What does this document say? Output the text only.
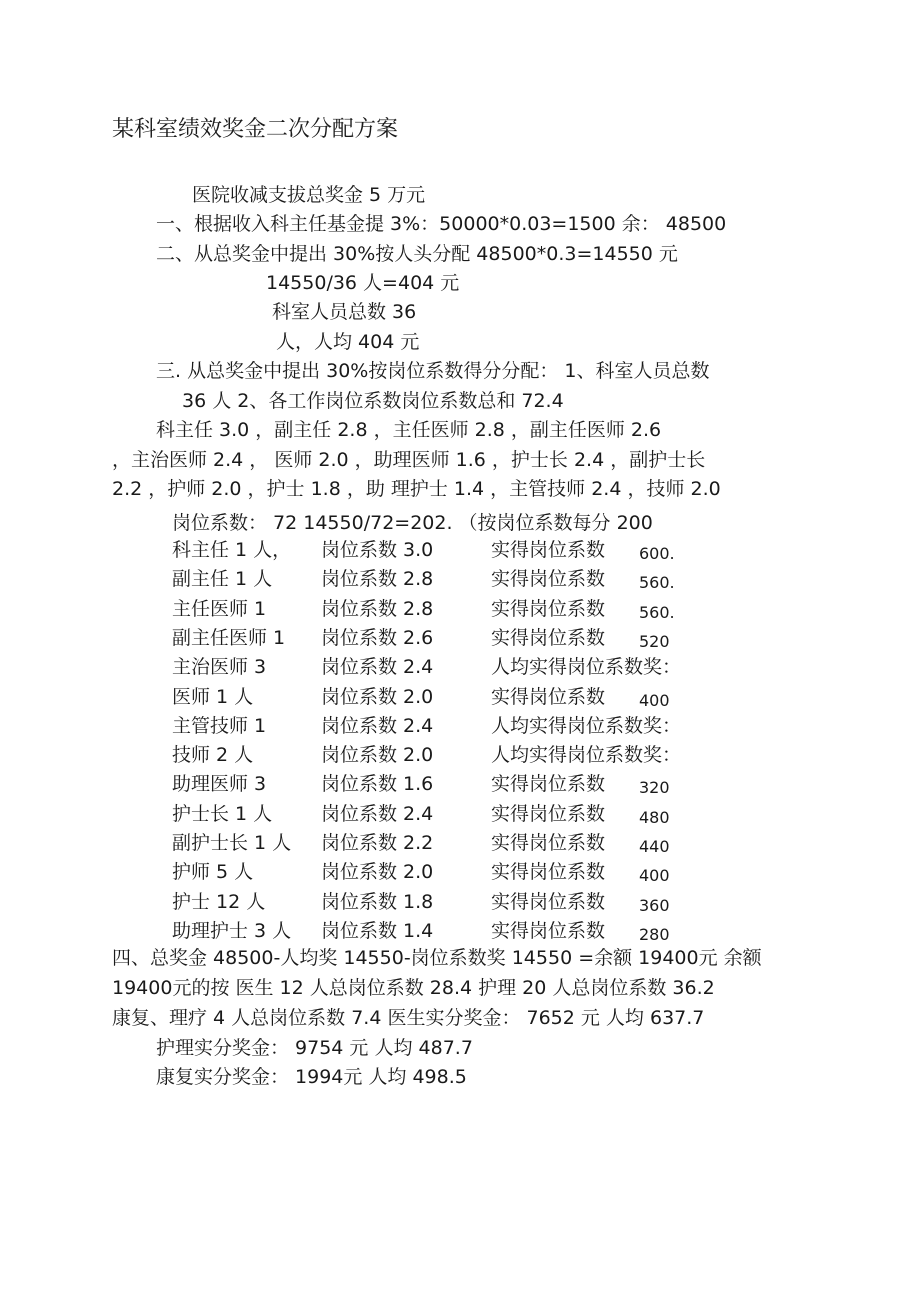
某科室绩效奖金二次分配方案
医院收减支拔总奖金 5 万元
一、根据收入科主任基金提 3%：50000*0.03=1500 余： 48500
二、从总奖金中提出 30%按人头分配 48500*0.3=14550 元
14550/36 人=404 元
科室人员总数 36
人，人均 404 元
三. 从总奖金中提出 30%按岗位系数得分分配： 1、科室人员总数
36 人 2、各工作岗位系数岗位系数总和 72.4
科主任 3.0 ，副主任 2.8 ，主任医师 2.8 ，副主任医师 2.6
，主治医师 2.4 ， 医师 2.0 ，助理医师 1.6 ，护士长 2.4 ，副护士长
2.2 ，护师 2.0 ，护士 1.8 ，助 理护士 1.4 ，主管技师 2.4 ，技师 2.0
岗位系数： 72 14550/72=202. （按岗位系数每分 200
科主任 1 人， 岗位系数 3.0	实得岗位系数 600.
副主任 1 人	岗位系数 2.8	实得岗位系数 560.
主任医师 1	岗位系数 2.8	实得岗位系数 560.
副主任医师 1 岗位系数 2.6	实得岗位系数 520
主治医师 3	岗位系数 2.4	人均实得岗位系数奖：
医师 1 人	岗位系数 2.0	实得岗位系数 400
主管技师 1	岗位系数 2.4	人均实得岗位系数奖：
技师 2 人	岗位系数 2.0	人均实得岗位系数奖：
助理医师 3	岗位系数 1.6	实得岗位系数 320
护士长 1 人	岗位系数 2.4	实得岗位系数 480
副护士长 1 人 岗位系数 2.2	实得岗位系数 440
护师 5 人	岗位系数 2.0	实得岗位系数 400
护士 12 人	岗位系数 1.8	实得岗位系数 360
助理护士 3 人 岗位系数 1.4	实得岗位系数 280
四、总奖金 48500-人均奖 14550-岗位系数奖 14550 =余额 19400元 余额
19400元的按 医生 12 人总岗位系数 28.4 护理 20 人总岗位系数 36.2
康复、理疗 4 人总岗位系数 7.4 医生实分奖金： 7652 元 人均 637.7
护理实分奖金： 9754 元 人均 487.7
康复实分奖金： 1994元 人均 498.5
